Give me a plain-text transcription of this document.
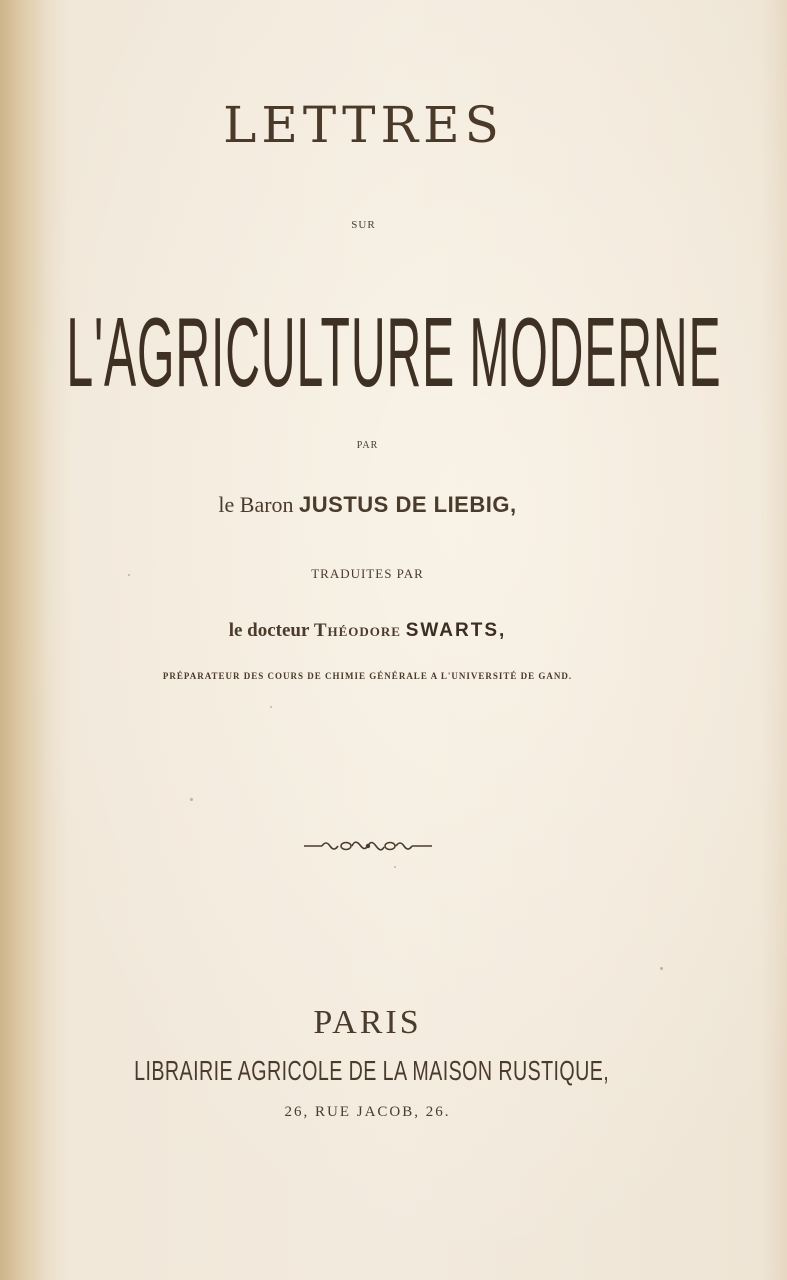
LETTRES
SUR
L'AGRICULTURE MODERNE
PAR
le Baron JUSTUS DE LIEBIG,
TRADUITES PAR
le docteur Théodore SWARTS,
PRÉPARATEUR DES COURS DE CHIMIE GÉNÉRALE A L'UNIVERSITÉ DE GAND.
PARIS
LIBRAIRIE AGRICOLE DE LA MAISON RUSTIQUE,
26, RUE JACOB, 26.
